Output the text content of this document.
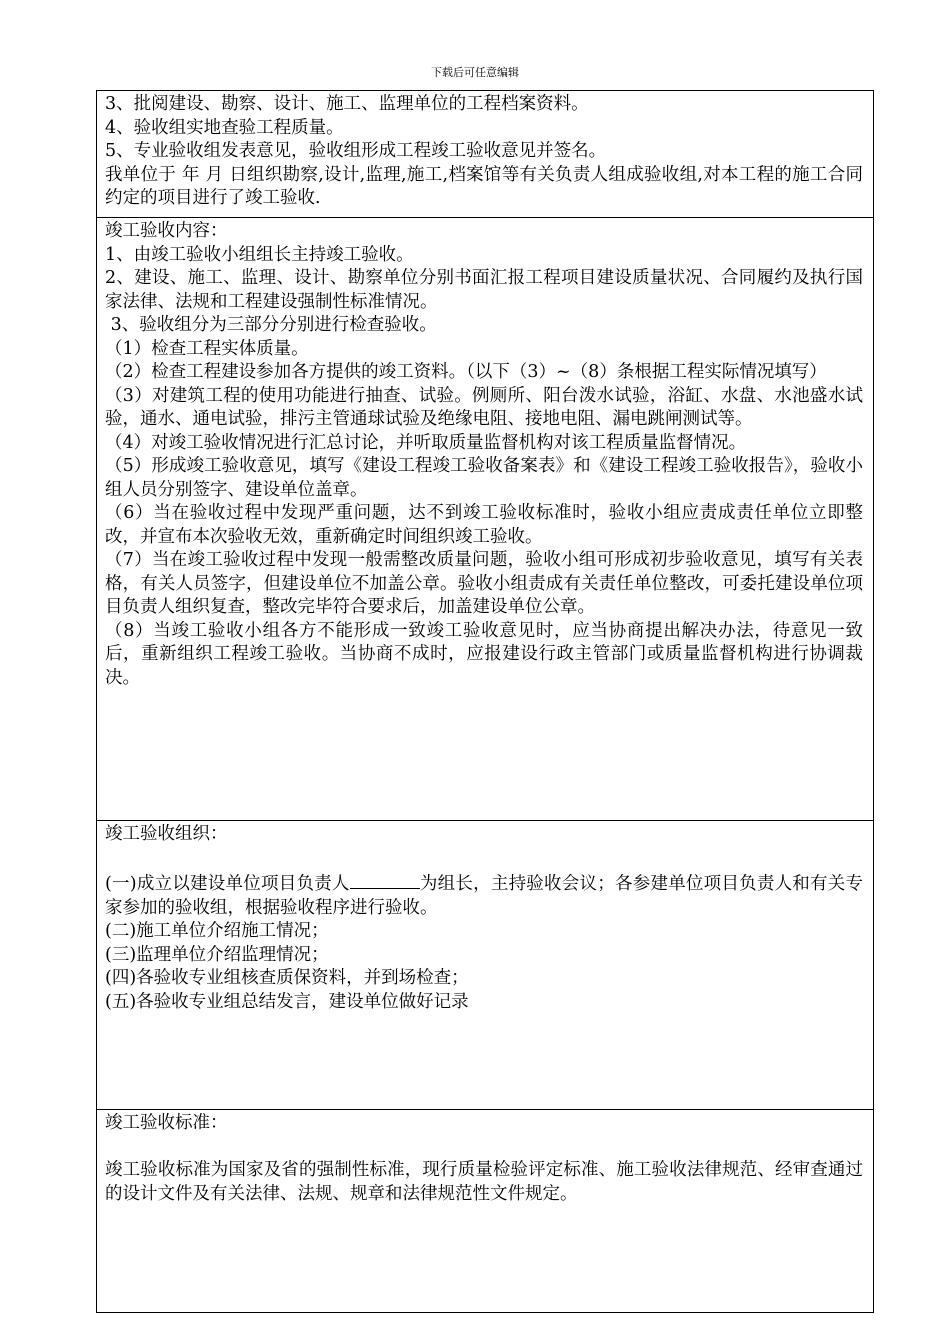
下载后可任意编辑

3、批阅建设、勘察、设计、施工、监理单位的工程档案资料。

4、验收组实地查验工程质量。

5、专业验收组发表意见，验收组形成工程竣工验收意见并签名。

我单位于 年 月 日组织勘察,设计,监理,施工,档案馆等有关负责人组成验收组,对本工程的施工合同约定的项目进行了竣工验收.

竣工验收内容：

1、由竣工验收小组组长主持竣工验收。

2、建设、施工、监理、设计、勘察单位分别书面汇报工程项目建设质量状况、合同履约及执行国家法律、法规和工程建设强制性标准情况。

3、验收组分为三部分分别进行检查验收。

（1）检查工程实体质量。

（2）检查工程建设参加各方提供的竣工资料。（以下（3）~（8）条根据工程实际情况填写）

（3）对建筑工程的使用功能进行抽查、试验。例厕所、阳台泼水试验，浴缸、水盘、水池盛水试验，通水、通电试验，排污主管通球试验及绝缘电阻、接地电阻、漏电跳闸测试等。

（4）对竣工验收情况进行汇总讨论，并听取质量监督机构对该工程质量监督情况。

（5）形成竣工验收意见，填写《建设工程竣工验收备案表》和《建设工程竣工验收报告》，验收小组人员分别签字、建设单位盖章。

（6）当在验收过程中发现严重问题，达不到竣工验收标准时，验收小组应责成责任单位立即整改，并宣布本次验收无效，重新确定时间组织竣工验收。

（7）当在竣工验收过程中发现一般需整改质量问题，验收小组可形成初步验收意见，填写有关表格，有关人员签字，但建设单位不加盖公章。验收小组责成有关责任单位整改，可委托建设单位项目负责人组织复查，整改完毕符合要求后，加盖建设单位公章。

（8）当竣工验收小组各方不能形成一致竣工验收意见时，应当协商提出解决办法，待意见一致后，重新组织工程竣工验收。当协商不成时，应报建设行政主管部门或质量监督机构进行协调裁决。

竣工验收组织：

(一)成立以建设单位项目负责人	为组长，主持验收会议；各参建单位项目负责人和有关专家参加的验收组，根据验收程序进行验收。

(二)施工单位介绍施工情况；

(三)监理单位介绍监理情况；

(四)各验收专业组核查质保资料，并到场检查；

(五)各验收专业组总结发言，建设单位做好记录

竣工验收标准：

竣工验收标准为国家及省的强制性标准，现行质量检验评定标准、施工验收法律规范、经审查通过的设计文件及有关法律、法规、规章和法律规范性文件规定。
